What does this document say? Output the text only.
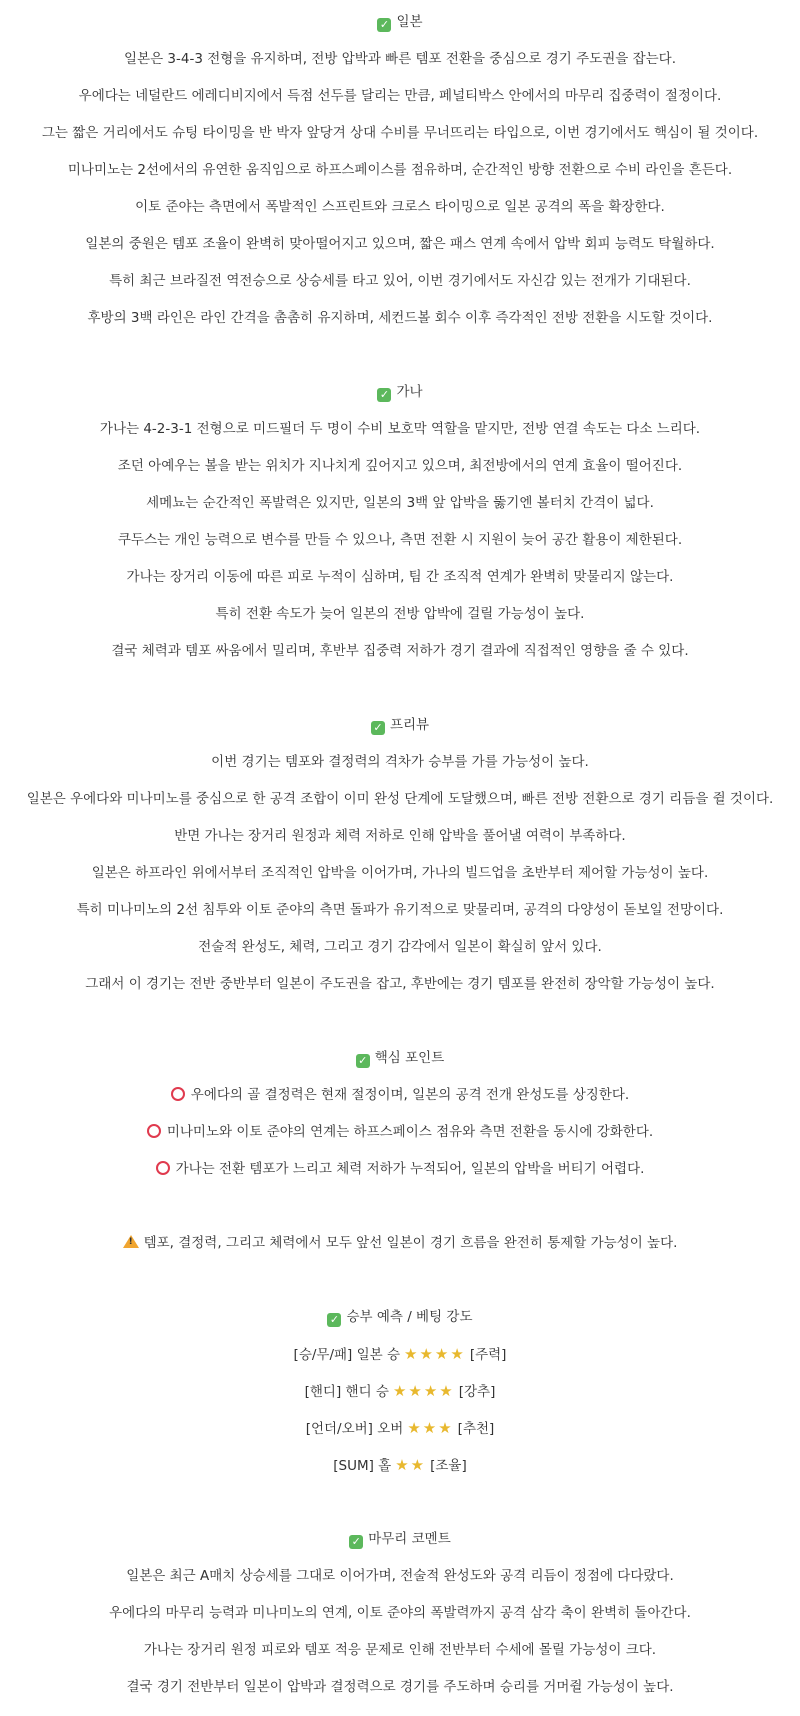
✓ 일본
일본은 3-4-3 전형을 유지하며, 전방 압박과 빠른 템포 전환을 중심으로 경기 주도권을 잡는다.
우에다는 네덜란드 에레디비지에서 득점 선두를 달리는 만큼, 페널티박스 안에서의 마무리 집중력이 절정이다.
그는 짧은 거리에서도 슈팅 타이밍을 반 박자 앞당겨 상대 수비를 무너뜨리는 타입으로, 이번 경기에서도 핵심이 될 것이다.
미나미노는 2선에서의 유연한 움직임으로 하프스페이스를 점유하며, 순간적인 방향 전환으로 수비 라인을 흔든다.
이토 준야는 측면에서 폭발적인 스프린트와 크로스 타이밍으로 일본 공격의 폭을 확장한다.
일본의 중원은 템포 조율이 완벽히 맞아떨어지고 있으며, 짧은 패스 연계 속에서 압박 회피 능력도 탁월하다.
특히 최근 브라질전 역전승으로 상승세를 타고 있어, 이번 경기에서도 자신감 있는 전개가 기대된다.
후방의 3백 라인은 라인 간격을 촘촘히 유지하며, 세컨드볼 회수 이후 즉각적인 전방 전환을 시도할 것이다.
✓ 가나
가나는 4-2-3-1 전형으로 미드필더 두 명이 수비 보호막 역할을 맡지만, 전방 연결 속도는 다소 느리다.
조던 아예우는 볼을 받는 위치가 지나치게 깊어지고 있으며, 최전방에서의 연계 효율이 떨어진다.
세메뇨는 순간적인 폭발력은 있지만, 일본의 3백 앞 압박을 뚫기엔 볼터치 간격이 넓다.
쿠두스는 개인 능력으로 변수를 만들 수 있으나, 측면 전환 시 지원이 늦어 공간 활용이 제한된다.
가나는 장거리 이동에 따른 피로 누적이 심하며, 팀 간 조직적 연계가 완벽히 맞물리지 않는다.
특히 전환 속도가 늦어 일본의 전방 압박에 걸릴 가능성이 높다.
결국 체력과 템포 싸움에서 밀리며, 후반부 집중력 저하가 경기 결과에 직접적인 영향을 줄 수 있다.
✓ 프리뷰
이번 경기는 템포와 결정력의 격차가 승부를 가를 가능성이 높다.
일본은 우에다와 미나미노를 중심으로 한 공격 조합이 이미 완성 단계에 도달했으며, 빠른 전방 전환으로 경기 리듬을 쥘 것이다.
반면 가나는 장거리 원정과 체력 저하로 인해 압박을 풀어낼 여력이 부족하다.
일본은 하프라인 위에서부터 조직적인 압박을 이어가며, 가나의 빌드업을 초반부터 제어할 가능성이 높다.
특히 미나미노의 2선 침투와 이토 준야의 측면 돌파가 유기적으로 맞물리며, 공격의 다양성이 돋보일 전망이다.
전술적 완성도, 체력, 그리고 경기 감각에서 일본이 확실히 앞서 있다.
그래서 이 경기는 전반 중반부터 일본이 주도권을 잡고, 후반에는 경기 템포를 완전히 장악할 가능성이 높다.
✓ 핵심 포인트
우에다의 골 결정력은 현재 절정이며, 일본의 공격 전개 완성도를 상징한다.
미나미노와 이토 준야의 연계는 하프스페이스 점유와 측면 전환을 동시에 강화한다.
가나는 전환 템포가 느리고 체력 저하가 누적되어, 일본의 압박을 버티기 어렵다.
!템포, 결정력, 그리고 체력에서 모두 앞선 일본이 경기 흐름을 완전히 통제할 가능성이 높다.
✓ 승부 예측 / 베팅 강도
[승/무/패] 일본 승 ★★★★ [주력]
[핸디] 핸디 승 ★★★★ [강추]
[언더/오버] 오버 ★★★ [추천]
[SUM] 홀 ★★ [조율]
✓ 마무리 코멘트
일본은 최근 A매치 상승세를 그대로 이어가며, 전술적 완성도와 공격 리듬이 정점에 다다랐다.
우에다의 마무리 능력과 미나미노의 연계, 이토 준야의 폭발력까지 공격 삼각 축이 완벽히 돌아간다.
가나는 장거리 원정 피로와 템포 적응 문제로 인해 전반부터 수세에 몰릴 가능성이 크다.
결국 경기 전반부터 일본이 압박과 결정력으로 경기를 주도하며 승리를 거머쥘 가능성이 높다.
